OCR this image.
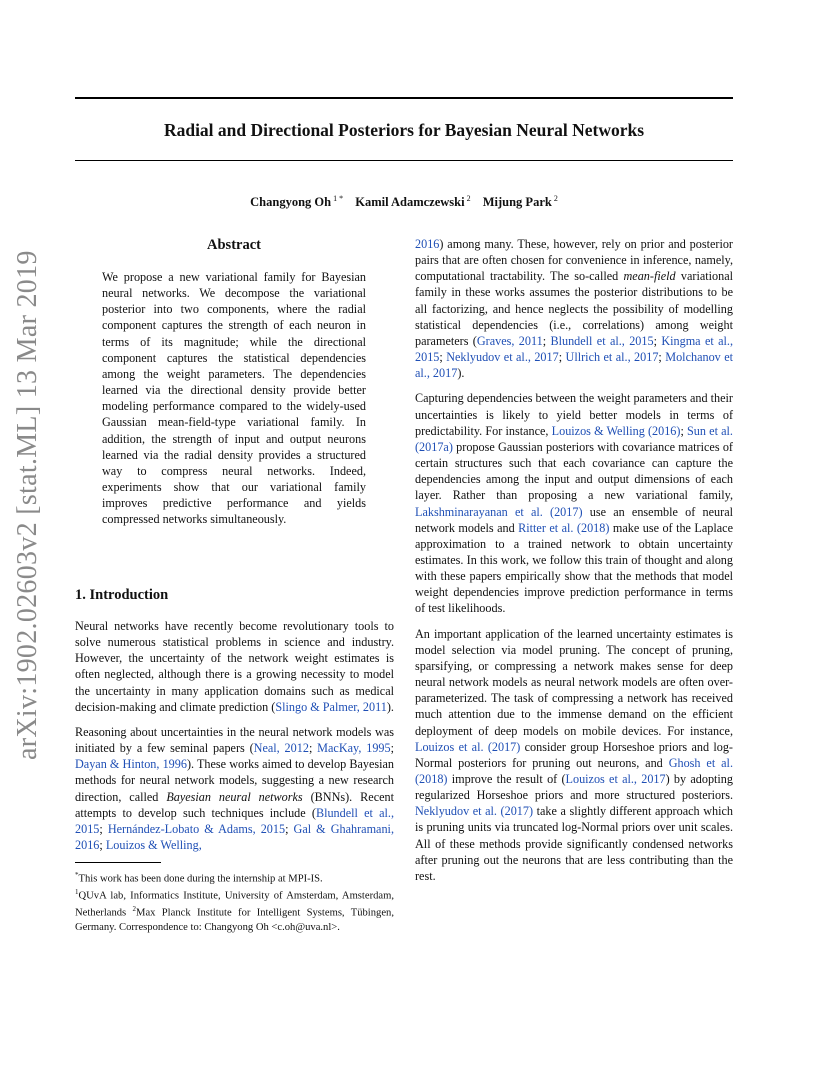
Radial and Directional Posteriors for Bayesian Neural Networks
Changyong Oh $^{1 *}$ Kamil Adamczewski $^2$ Mijung Park $^2$
arXiv:1902.02603v2 [stat.ML] 13 Mar 2019
Abstract

We propose a new variational family for Bayesian neural networks. We decompose the variational posterior into two components, where the radial component captures the strength of each neuron in terms of its magnitude; while the directional component captures the statistical dependencies among the weight parameters. The dependencies learned via the directional density provide better modeling performance compared to the widely-used Gaussian mean-field-type variational family. In addition, the strength of input and output neurons learned via the radial density provides a structured way to compress neural networks. Indeed, experiments show that our variational family improves predictive performance and yields compressed networks simultaneously.

1. Introduction

Neural networks have recently become revolutionary tools to solve numerous statistical problems in science and industry. However, the uncertainty of the network weight estimates is often neglected, although there is a growing necessity to model the uncertainty in many application domains such as medical decision-making and climate prediction (Slingo & Palmer, 2011).

Reasoning about uncertainties in the neural network models was initiated by a few seminal papers (Neal, 2012; MacKay, 1995; Dayan & Hinton, 1996). These works aimed to develop Bayesian methods for neural network models, suggesting a new research direction, called Bayesian neural networks (BNNs). Recent attempts to develop such techniques include (Blundell et al., 2015; Hernández-Lobato & Adams, 2015; Gal & Ghahramani, 2016; Louizos & Welling,

*This work has been done during the internship at MPI-IS.
$^1$QUvA lab, Informatics Institute, University of Amsterdam, Amsterdam, Netherlands $^2$Max Planck Institute for Intelligent Systems, Tübingen, Germany. Correspondence to: Changyong Oh <c.oh@uva.nl>.

2016) among many. These, however, rely on prior and posterior pairs that are often chosen for convenience in inference, namely, computational tractability. The so-called mean-field variational family in these works assumes the posterior distributions to be all factorizing, and hence neglects the possibility of modelling statistical dependencies (i.e., correlations) among weight parameters (Graves, 2011; Blundell et al., 2015; Kingma et al., 2015; Neklyudov et al., 2017; Ullrich et al., 2017; Molchanov et al., 2017).

Capturing dependencies between the weight parameters and their uncertainties is likely to yield better models in terms of predictability. For instance, Louizos & Welling (2016); Sun et al. (2017a) propose Gaussian posteriors with covariance matrices of certain structures such that each covariance can capture the dependencies among the input and output dimensions of each layer. Rather than proposing a new variational family, Lakshminarayanan et al. (2017) use an ensemble of neural network models and Ritter et al. (2018) make use of the Laplace approximation to a trained network to obtain uncertainty estimates. In this work, we follow this train of thought and along with these papers empirically show that the methods that model weight dependencies improve prediction performance in terms of test likelihoods.

An important application of the learned uncertainty estimates is model selection via model pruning. The concept of pruning, sparsifying, or compressing a network makes sense for deep neural network models as neural network models are often over-parameterized. The task of compressing a network has received much attention due to the immense demand on the efficient deployment of deep models on mobile devices. For instance, Louizos et al. (2017) consider group Horseshoe priors and log-Normal posteriors for pruning out neurons, and Ghosh et al. (2018) improve the result of (Louizos et al., 2017) by adopting regularized Horseshoe priors and more structured posteriors. Neklyudov et al. (2017) take a slightly different approach which is pruning units via truncated log-Normal priors over unit scales. All of these methods provide significantly condensed networks after pruning out the neurons that are less contributing than the rest.
